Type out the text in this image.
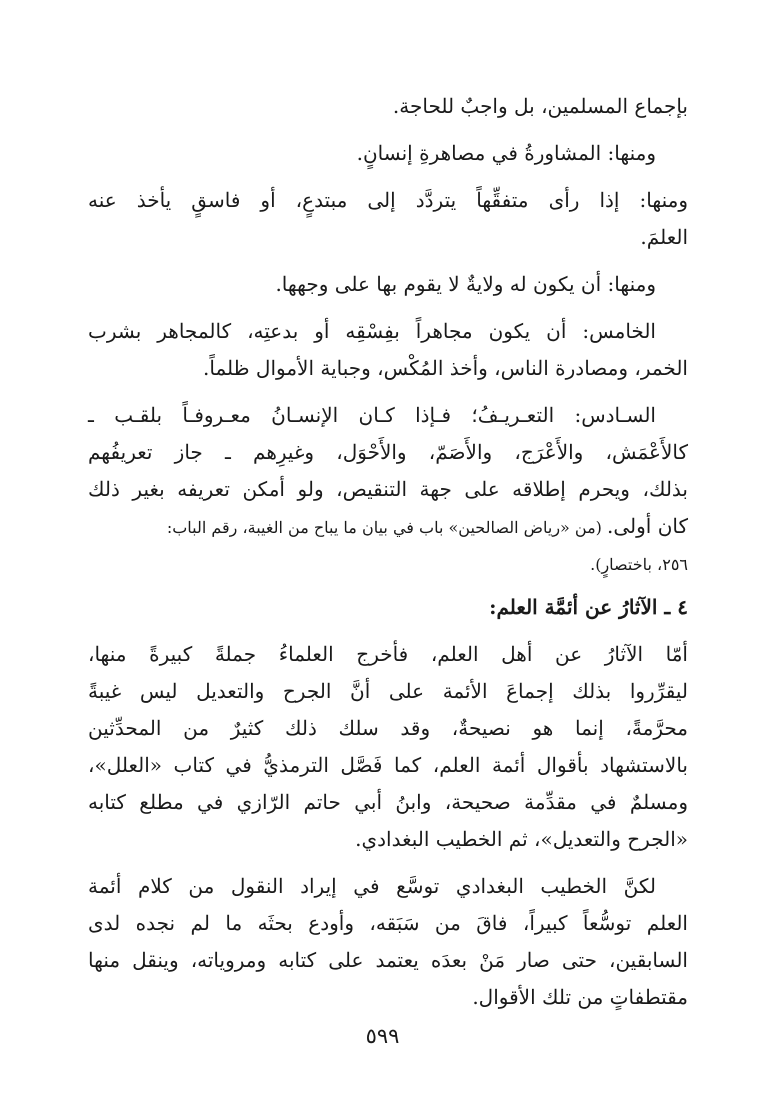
بإجماع المسلمين، بل واجبٌ للحاجة.
ومنها: المشاورةُ في مصاهرةِ إنسانٍ.
ومنها: إذا رأى متفقِّهاً يتردَّد إلى مبتدعٍ، أو فاسقٍ يأخذ عنه
العلمَ.
ومنها: أن يكون له ولايةٌ لا يقوم بها على وجهها.
الخامس: أن يكون مجاهراً بفِسْقِه أو بدعتِه، كالمجاهر بشرب
الخمر، ومصادرة الناس، وأخذ المُكْس، وجباية الأموال ظلماً.
السـادس: التعـريـفُ؛ فـإذا كـان الإنسـانُ معـروفـاً بلقـب ـ
كالأَعْمَش، والأَعْرَج، والأَصَمّ، والأَحْوَل، وغيرِهم ـ جاز تعريفُهم
بذلك، ويحرم إطلاقه على جهة التنقيص، ولو أمكن تعريفه بغير ذلك
كان أولى. (من «رياض الصالحين» باب في بيان ما يباح من الغيبة، رقم الباب:
٢٥٦، باختصارٍ).
٤ ـ الآثارُ عن أئمَّة العلم:
أمّا الآثارُ عن أهل العلم، فأخرج العلماءُ جملةً كبيرةً منها،
ليقرِّروا بذلك إجماعَ الأئمة على أنَّ الجرح والتعديل ليس غيبةً
محرَّمةً، إنما هو نصيحةٌ، وقد سلك ذلك كثيرٌ من المحدِّثين
بالاستشهاد بأقوال أئمة العلم، كما فَصَّل الترمذيُّ في كتاب «العلل»،
ومسلمٌ في مقدِّمة صحيحة، وابنُ أبي حاتم الرّازي في مطلع كتابه
«الجرح والتعديل»، ثم الخطيب البغدادي.
لكنَّ الخطيب البغدادي توسَّع في إيراد النقول من كلام أئمة
العلم توسُّعاً كبيراً، فاقَ من سَبَقه، وأودع بحثَه ما لم نجده لدى
السابقين، حتى صار مَنْ بعدَه يعتمد على كتابه ومروياته، وينقل منها
مقتطفاتٍ من تلك الأقوال.
٥٩٩
